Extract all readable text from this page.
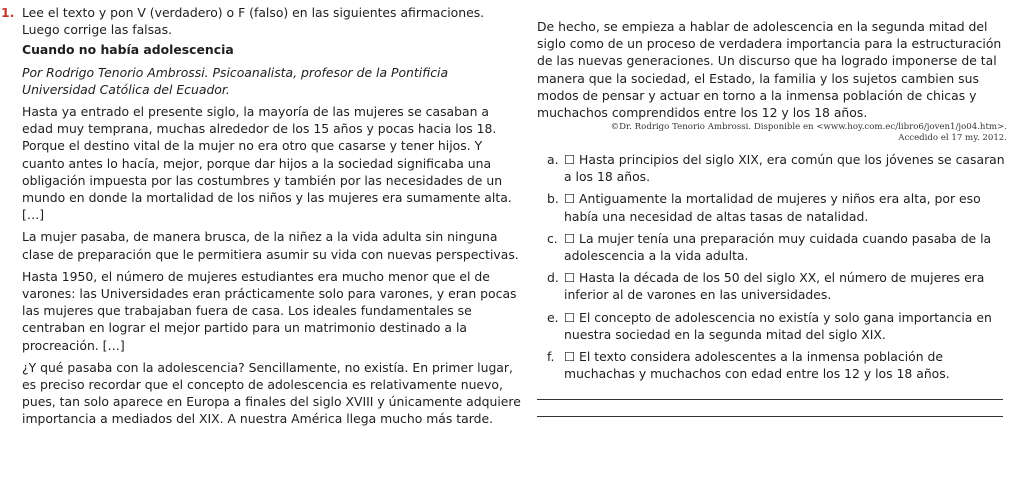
1. Lee el texto y pon V (verdadero) o F (falso) en las siguientes afirmaciones. Luego corrige las falsas.

Cuando no había adolescencia

Por Rodrigo Tenorio Ambrossi. Psicoanalista, profesor de la Pontificia Universidad Católica del Ecuador.

Hasta ya entrado el presente siglo, la mayoría de las mujeres se casaban a edad muy temprana, muchas alrededor de los 15 años y pocas hacia los 18. Porque el destino vital de la mujer no era otro que casarse y tener hijos. Y cuanto antes lo hacía, mejor, porque dar hijos a la sociedad significaba una obligación impuesta por las costumbres y también por las necesidades de un mundo en donde la mortalidad de los niños y las mujeres era sumamente alta. […]

La mujer pasaba, de manera brusca, de la niñez a la vida adulta sin ninguna clase de preparación que le permitiera asumir su vida con nuevas perspectivas.

Hasta 1950, el número de mujeres estudiantes era mucho menor que el de varones: las Universidades eran prácticamente solo para varones, y eran pocas las mujeres que trabajaban fuera de casa. Los ideales fundamentales se centraban en lograr el mejor partido para un matrimonio destinado a la procreación. […]

¿Y qué pasaba con la adolescencia? Sencillamente, no existía. En primer lugar, es preciso recordar que el concepto de adolescencia es relativamente nuevo, pues, tan solo aparece en Europa a finales del siglo XVIII y únicamente adquiere importancia a mediados del XIX. A nuestra América llega mucho más tarde.

De hecho, se empieza a hablar de adolescencia en la segunda mitad del siglo como de un proceso de verdadera importancia para la estructuración de las nuevas generaciones. Un discurso que ha logrado imponerse de tal manera que la sociedad, el Estado, la familia y los sujetos cambien sus modos de pensar y actuar en torno a la inmensa población de chicas y muchachos comprendidos entre los 12 y los 18 años.

©Dr. Rodrigo Tenorio Ambrossi. Disponible en <www.hoy.com.ec/libro6/joven1/jo04.htm>.
Accedido el 17 my. 2012.
a. ☐ Hasta principios del siglo XIX, era común que los jóvenes se casaran a los 18 años.
b. ☐ Antiguamente la mortalidad de mujeres y niños era alta, por eso había una necesidad de altas tasas de natalidad.
c. ☐ La mujer tenía una preparación muy cuidada cuando pasaba de la adolescencia a la vida adulta.
d. ☐ Hasta la década de los 50 del siglo XX, el número de mujeres era inferior al de varones en las universidades.
e. ☐ El concepto de adolescencia no existía y solo gana importancia en nuestra sociedad en la segunda mitad del siglo XIX.
f. ☐ El texto considera adolescentes a la inmensa población de muchachas y muchachos con edad entre los 12 y los 18 años.
